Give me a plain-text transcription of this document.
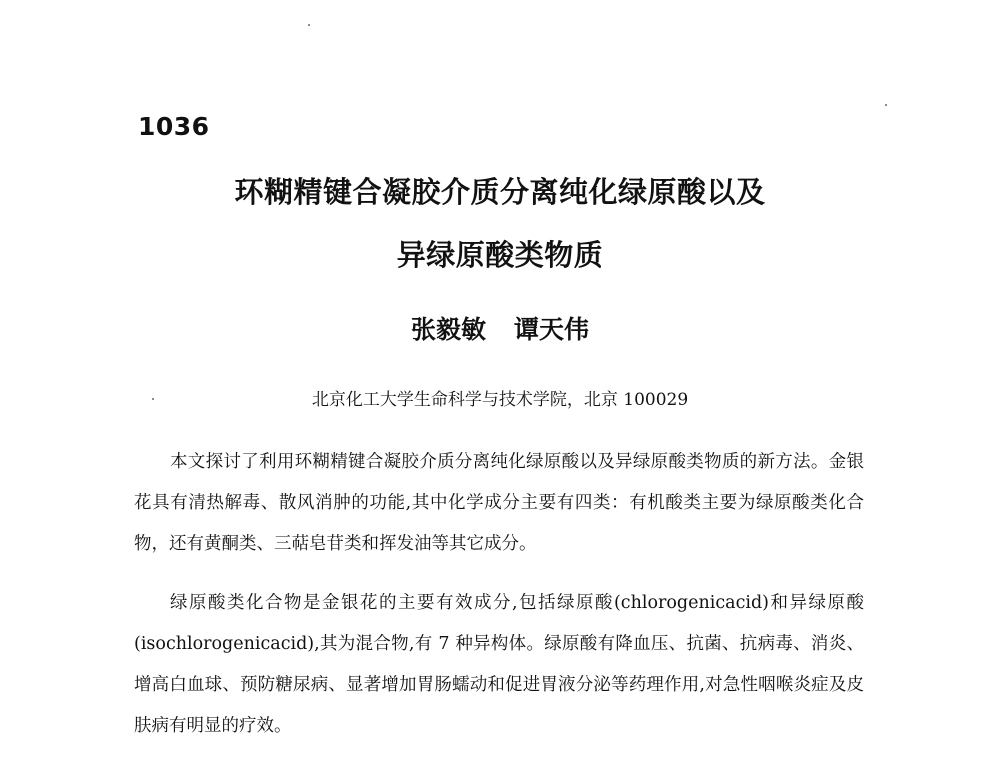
1036
环糊精键合凝胶介质分离纯化绿原酸以及
异绿原酸类物质
张毅敏 谭天伟
北京化工大学生命科学与技术学院，北京 100029

本文探讨了利用环糊精键合凝胶介质分离纯化绿原酸以及异绿原酸类物质的新方法。金银花具有清热解毒、散风消肿的功能,其中化学成分主要有四类：有机酸类主要为绿原酸类化合物，还有黄酮类、三萜皂苷类和挥发油等其它成分。

绿原酸类化合物是金银花的主要有效成分,包括绿原酸(chlorogenicacid)和异绿原酸(isochlorogenicacid),其为混合物,有 7 种异构体。绿原酸有降血压、抗菌、抗病毒、消炎、增高白血球、预防糖尿病、显著增加胃肠蠕动和促进胃液分泌等药理作用,对急性咽喉炎症及皮肤病有明显的疗效。
